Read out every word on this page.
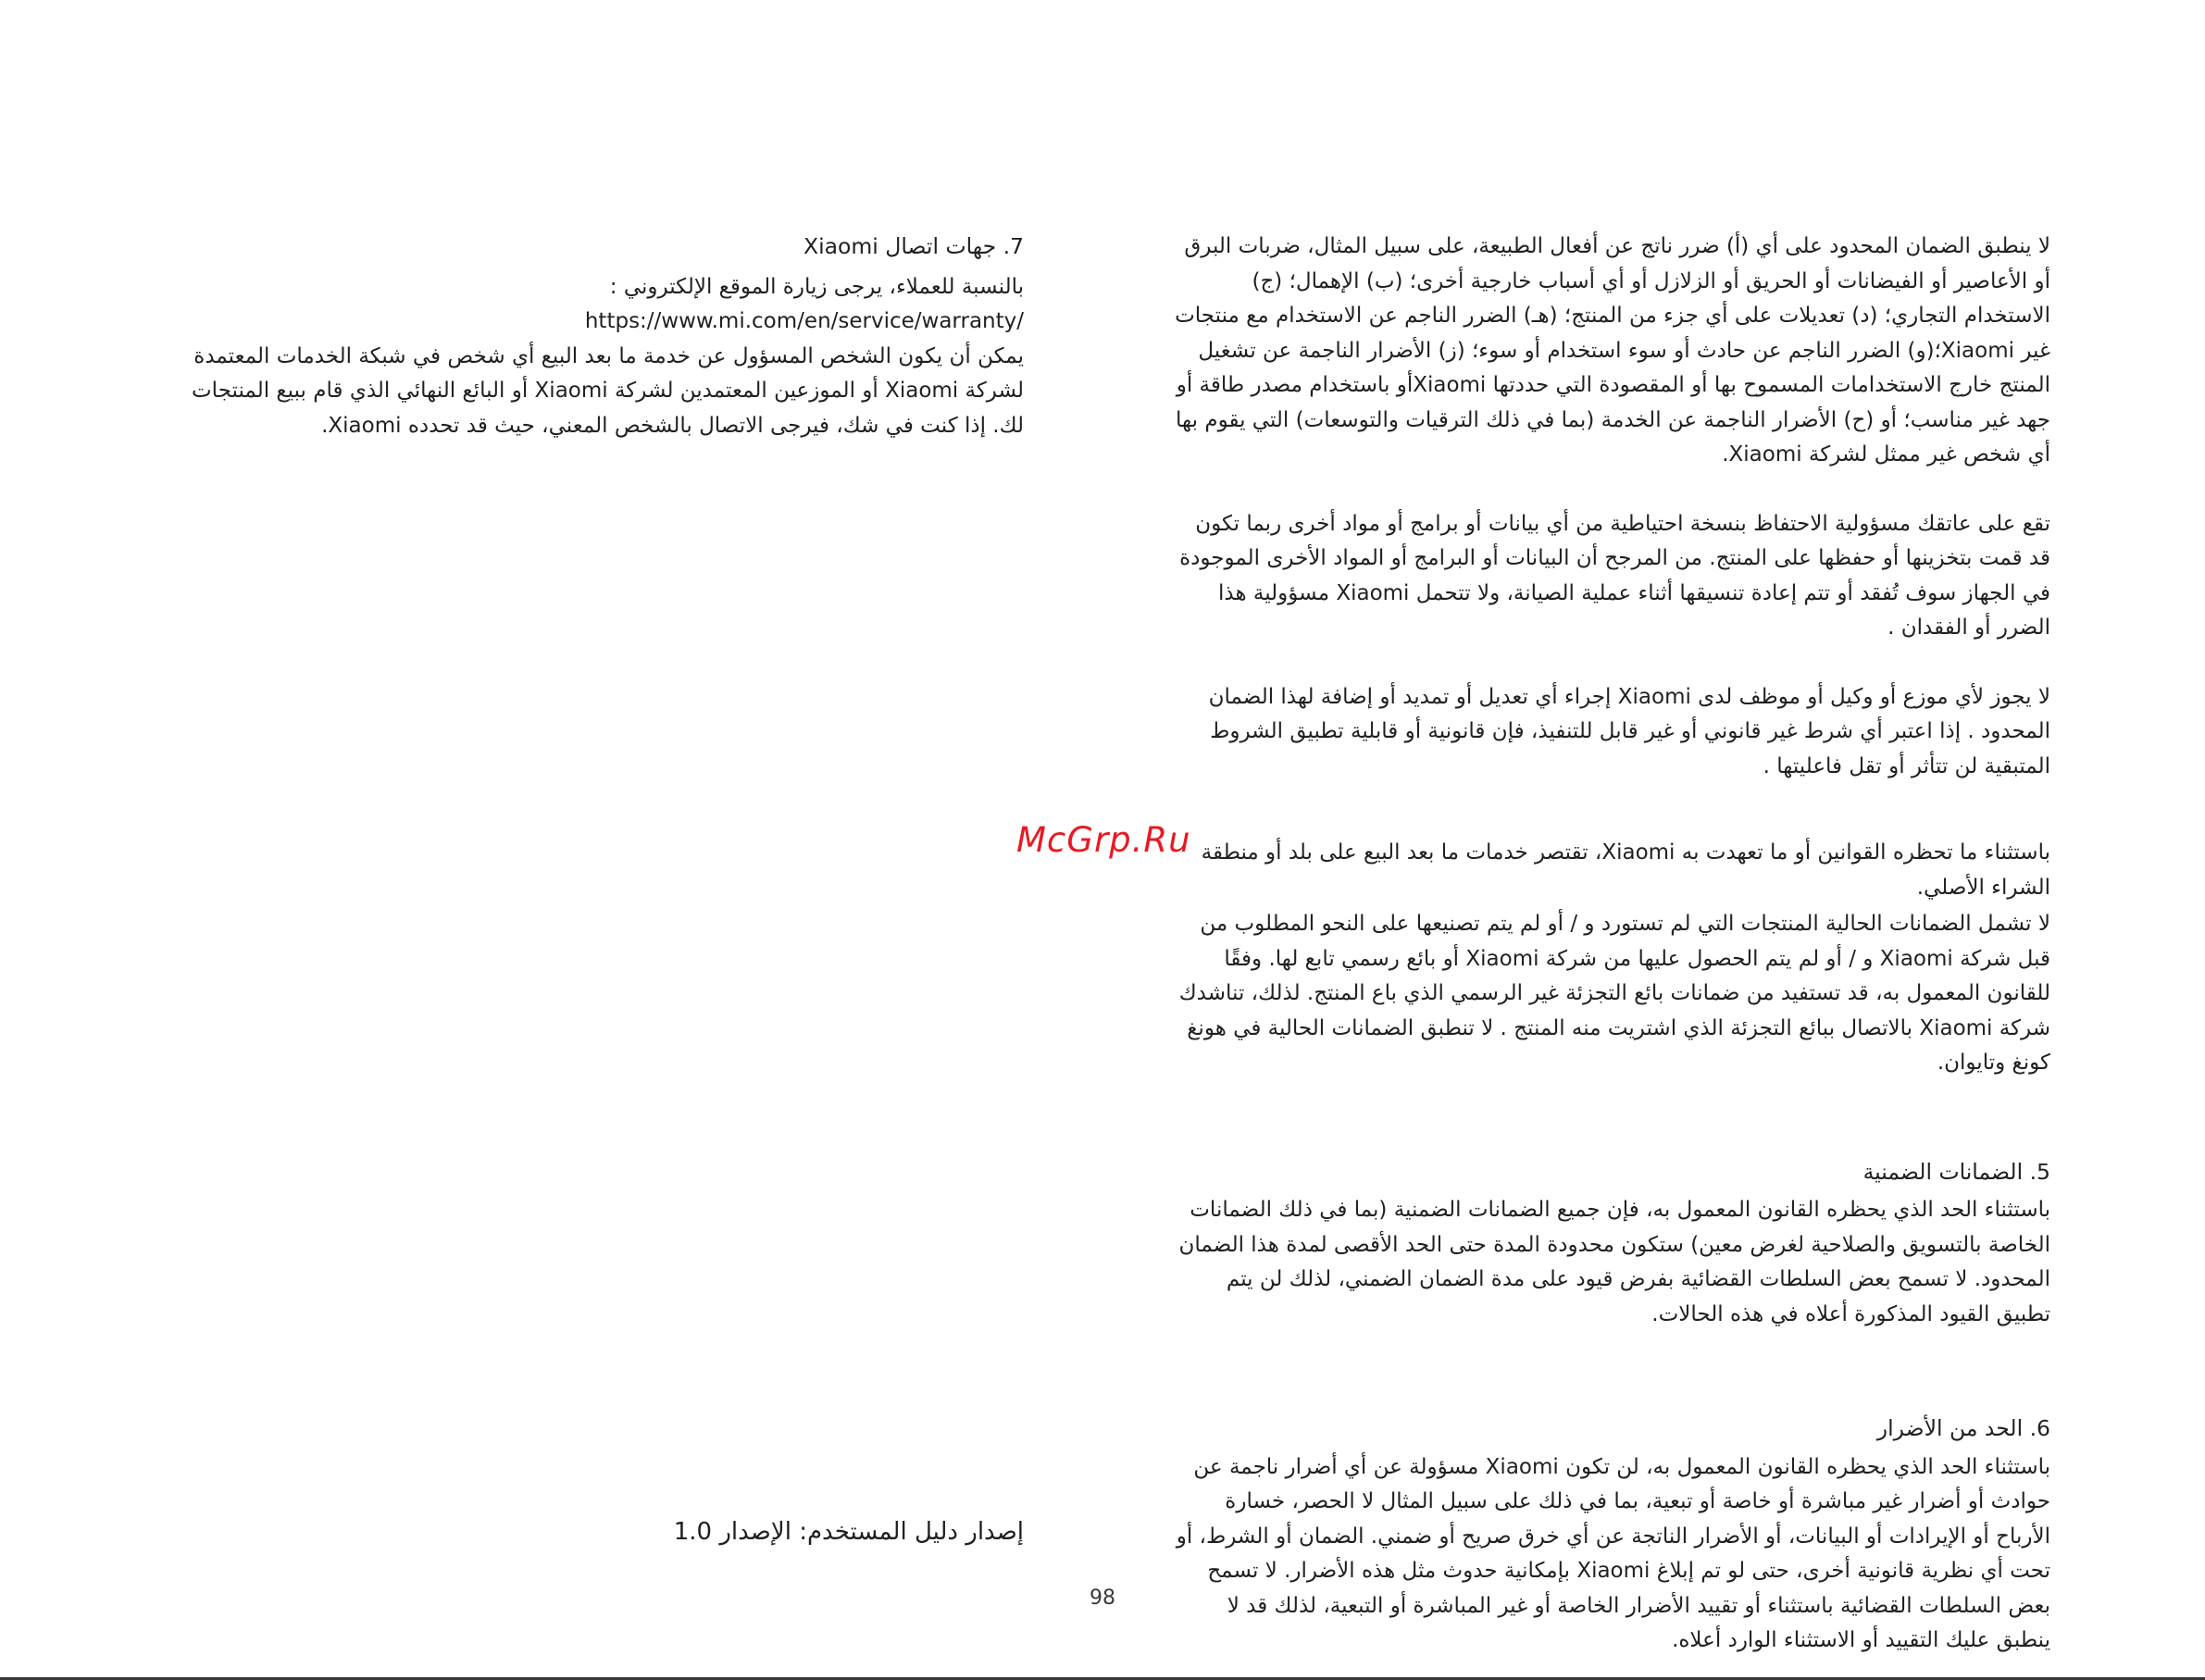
لا ينطبق الضمان المحدود على أي (أ) ضرر ناتج عن أفعال الطبيعة، على سبيل المثال، ضربات البرق أو الأعاصير أو الفيضانات أو الحريق أو الزلازل أو أي أسباب خارجية أخرى؛ (ب) الإهمال؛ (ج) الاستخدام التجاري؛ (د) تعديلات على أي جزء من المنتج؛ (هـ) الضرر الناجم عن الاستخدام مع منتجات غير Xiaomi؛(و) الضرر الناجم عن حادث أو سوء استخدام أو سوء؛ (ز) الأضرار الناجمة عن تشغيل المنتج خارج الاستخدامات المسموح بها أو المقصودة التي حددتها Xiaomiأو باستخدام مصدر طاقة أو جهد غير مناسب؛ أو (ح) الأضرار الناجمة عن الخدمة (بما في ذلك الترقيات والتوسعات) التي يقوم بها أي شخص غير ممثل لشركة Xiaomi.

تقع على عاتقك مسؤولية الاحتفاظ بنسخة احتياطية من أي بيانات أو برامج أو مواد أخرى ربما تكون قد قمت بتخزينها أو حفظها على المنتج. من المرجح أن البيانات أو البرامج أو المواد الأخرى الموجودة في الجهاز سوف تُفقد أو تتم إعادة تنسيقها أثناء عملية الصيانة، ولا تتحمل Xiaomi مسؤولية هذا الضرر أو الفقدان .

لا يجوز لأي موزع أو وكيل أو موظف لدى Xiaomi إجراء أي تعديل أو تمديد أو إضافة لهذا الضمان المحدود . إذا اعتبر أي شرط غير قانوني أو غير قابل للتنفيذ، فإن قانونية أو قابلية تطبيق الشروط المتبقية لن تتأثر أو تقل فاعليتها .

باستثناء ما تحظره القوانين أو ما تعهدت به Xiaomi، تقتصر خدمات ما بعد البيع على بلد أو منطقة الشراء الأصلي.

لا تشمل الضمانات الحالية المنتجات التي لم تستورد و / أو لم يتم تصنيعها على النحو المطلوب من قبل شركة Xiaomi و / أو لم يتم الحصول عليها من شركة Xiaomi أو بائع رسمي تابع لها. وفقًا للقانون المعمول به، قد تستفيد من ضمانات بائع التجزئة غير الرسمي الذي باع المنتج. لذلك، تناشدك شركة Xiaomi بالاتصال ببائع التجزئة الذي اشتريت منه المنتج . لا تنطبق الضمانات الحالية في هونغ كونغ وتايوان.

5. الضمانات الضمنية

باستثناء الحد الذي يحظره القانون المعمول به، فإن جميع الضمانات الضمنية (بما في ذلك الضمانات الخاصة بالتسويق والصلاحية لغرض معين) ستكون محدودة المدة حتى الحد الأقصى لمدة هذا الضمان المحدود. لا تسمح بعض السلطات القضائية بفرض قيود على مدة الضمان الضمني، لذلك لن يتم تطبيق القيود المذكورة أعلاه في هذه الحالات.

6. الحد من الأضرار

باستثناء الحد الذي يحظره القانون المعمول به، لن تكون Xiaomi مسؤولة عن أي أضرار ناجمة عن حوادث أو أضرار غير مباشرة أو خاصة أو تبعية، بما في ذلك على سبيل المثال لا الحصر، خسارة الأرباح أو الإيرادات أو البيانات، أو الأضرار الناتجة عن أي خرق صريح أو ضمني. الضمان أو الشرط، أو تحت أي نظرية قانونية أخرى، حتى لو تم إبلاغ Xiaomi بإمكانية حدوث مثل هذه الأضرار. لا تسمح بعض السلطات القضائية باستثناء أو تقييد الأضرار الخاصة أو غير المباشرة أو التبعية، لذلك قد لا ينطبق عليك التقييد أو الاستثناء الوارد أعلاه.

7. جهات اتصال Xiaomi

بالنسبة للعملاء، يرجى زيارة الموقع الإلكتروني :

https://www.mi.com/en/service/warranty/

يمكن أن يكون الشخص المسؤول عن خدمة ما بعد البيع أي شخص في شبكة الخدمات المعتمدة لشركة Xiaomi أو الموزعين المعتمدين لشركة Xiaomi أو البائع النهائي الذي قام ببيع المنتجات لك. إذا كنت في شك، فيرجى الاتصال بالشخص المعني، حيث قد تحدده Xiaomi.

إصدار دليل المستخدم: الإصدار 1.0
McGrp.Ru
98
